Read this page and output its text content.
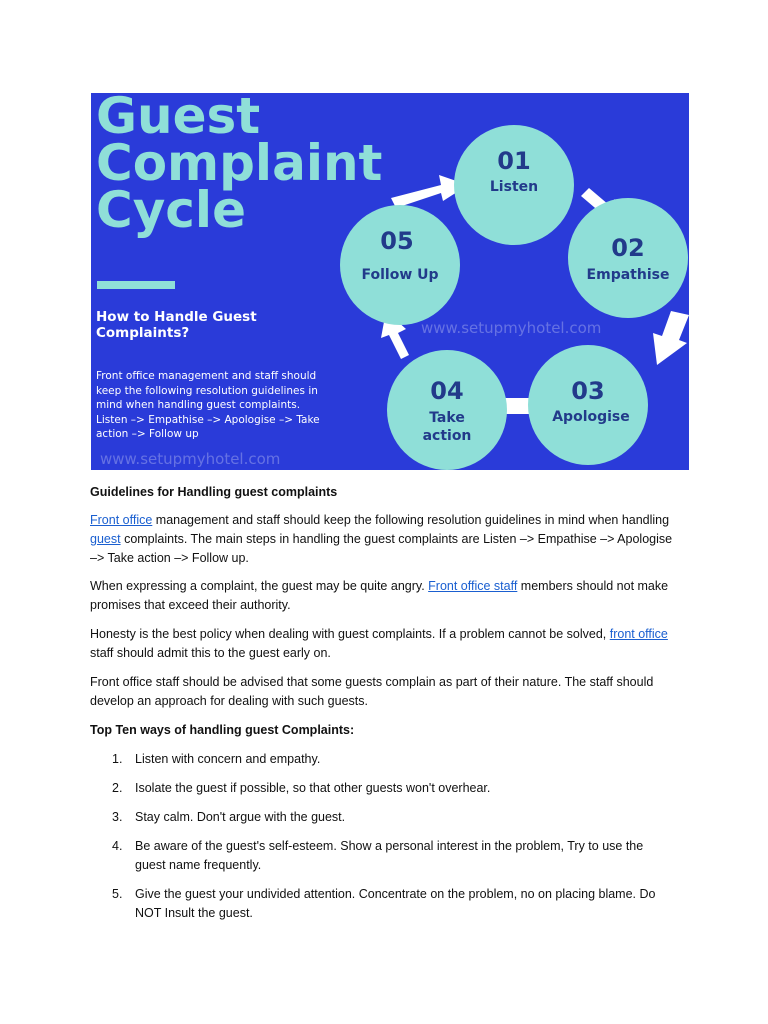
Guest
Complaint
Cycle
How to Handle Guest Complaints?
Front office management and staff should keep the following resolution guidelines in mind when handling guest complaints. Listen –> Empathise –> Apologise –> Take action –> Follow up
www.setupmyhotel.com
www.setupmyhotel.com
01
Listen
02
Empathise
03
Apologise
04
Take
action
05
Follow Up
Guidelines for Handling guest complaints
Front office management and staff should keep the following resolution guidelines in mind when handling guest complaints. The main steps in handling the guest complaints are Listen –> Empathise –> Apologise –> Take action –> Follow up.
When expressing a complaint, the guest may be quite angry. Front office staff members should not make promises that exceed their authority.
Honesty is the best policy when dealing with guest complaints. If a problem cannot be solved, front office staff should admit this to the guest early on.
Front office staff should be advised that some guests complain as part of their nature. The staff should develop an approach for dealing with such guests.
Top Ten ways of handling guest Complaints:
1. Listen with concern and empathy.
2. Isolate the guest if possible, so that other guests won't overhear.
3. Stay calm. Don't argue with the guest.
4. Be aware of the guest's self-esteem. Show a personal interest in the problem, Try to use the guest name frequently.
5. Give the guest your undivided attention. Concentrate on the problem, no on placing blame. Do NOT Insult the guest.
